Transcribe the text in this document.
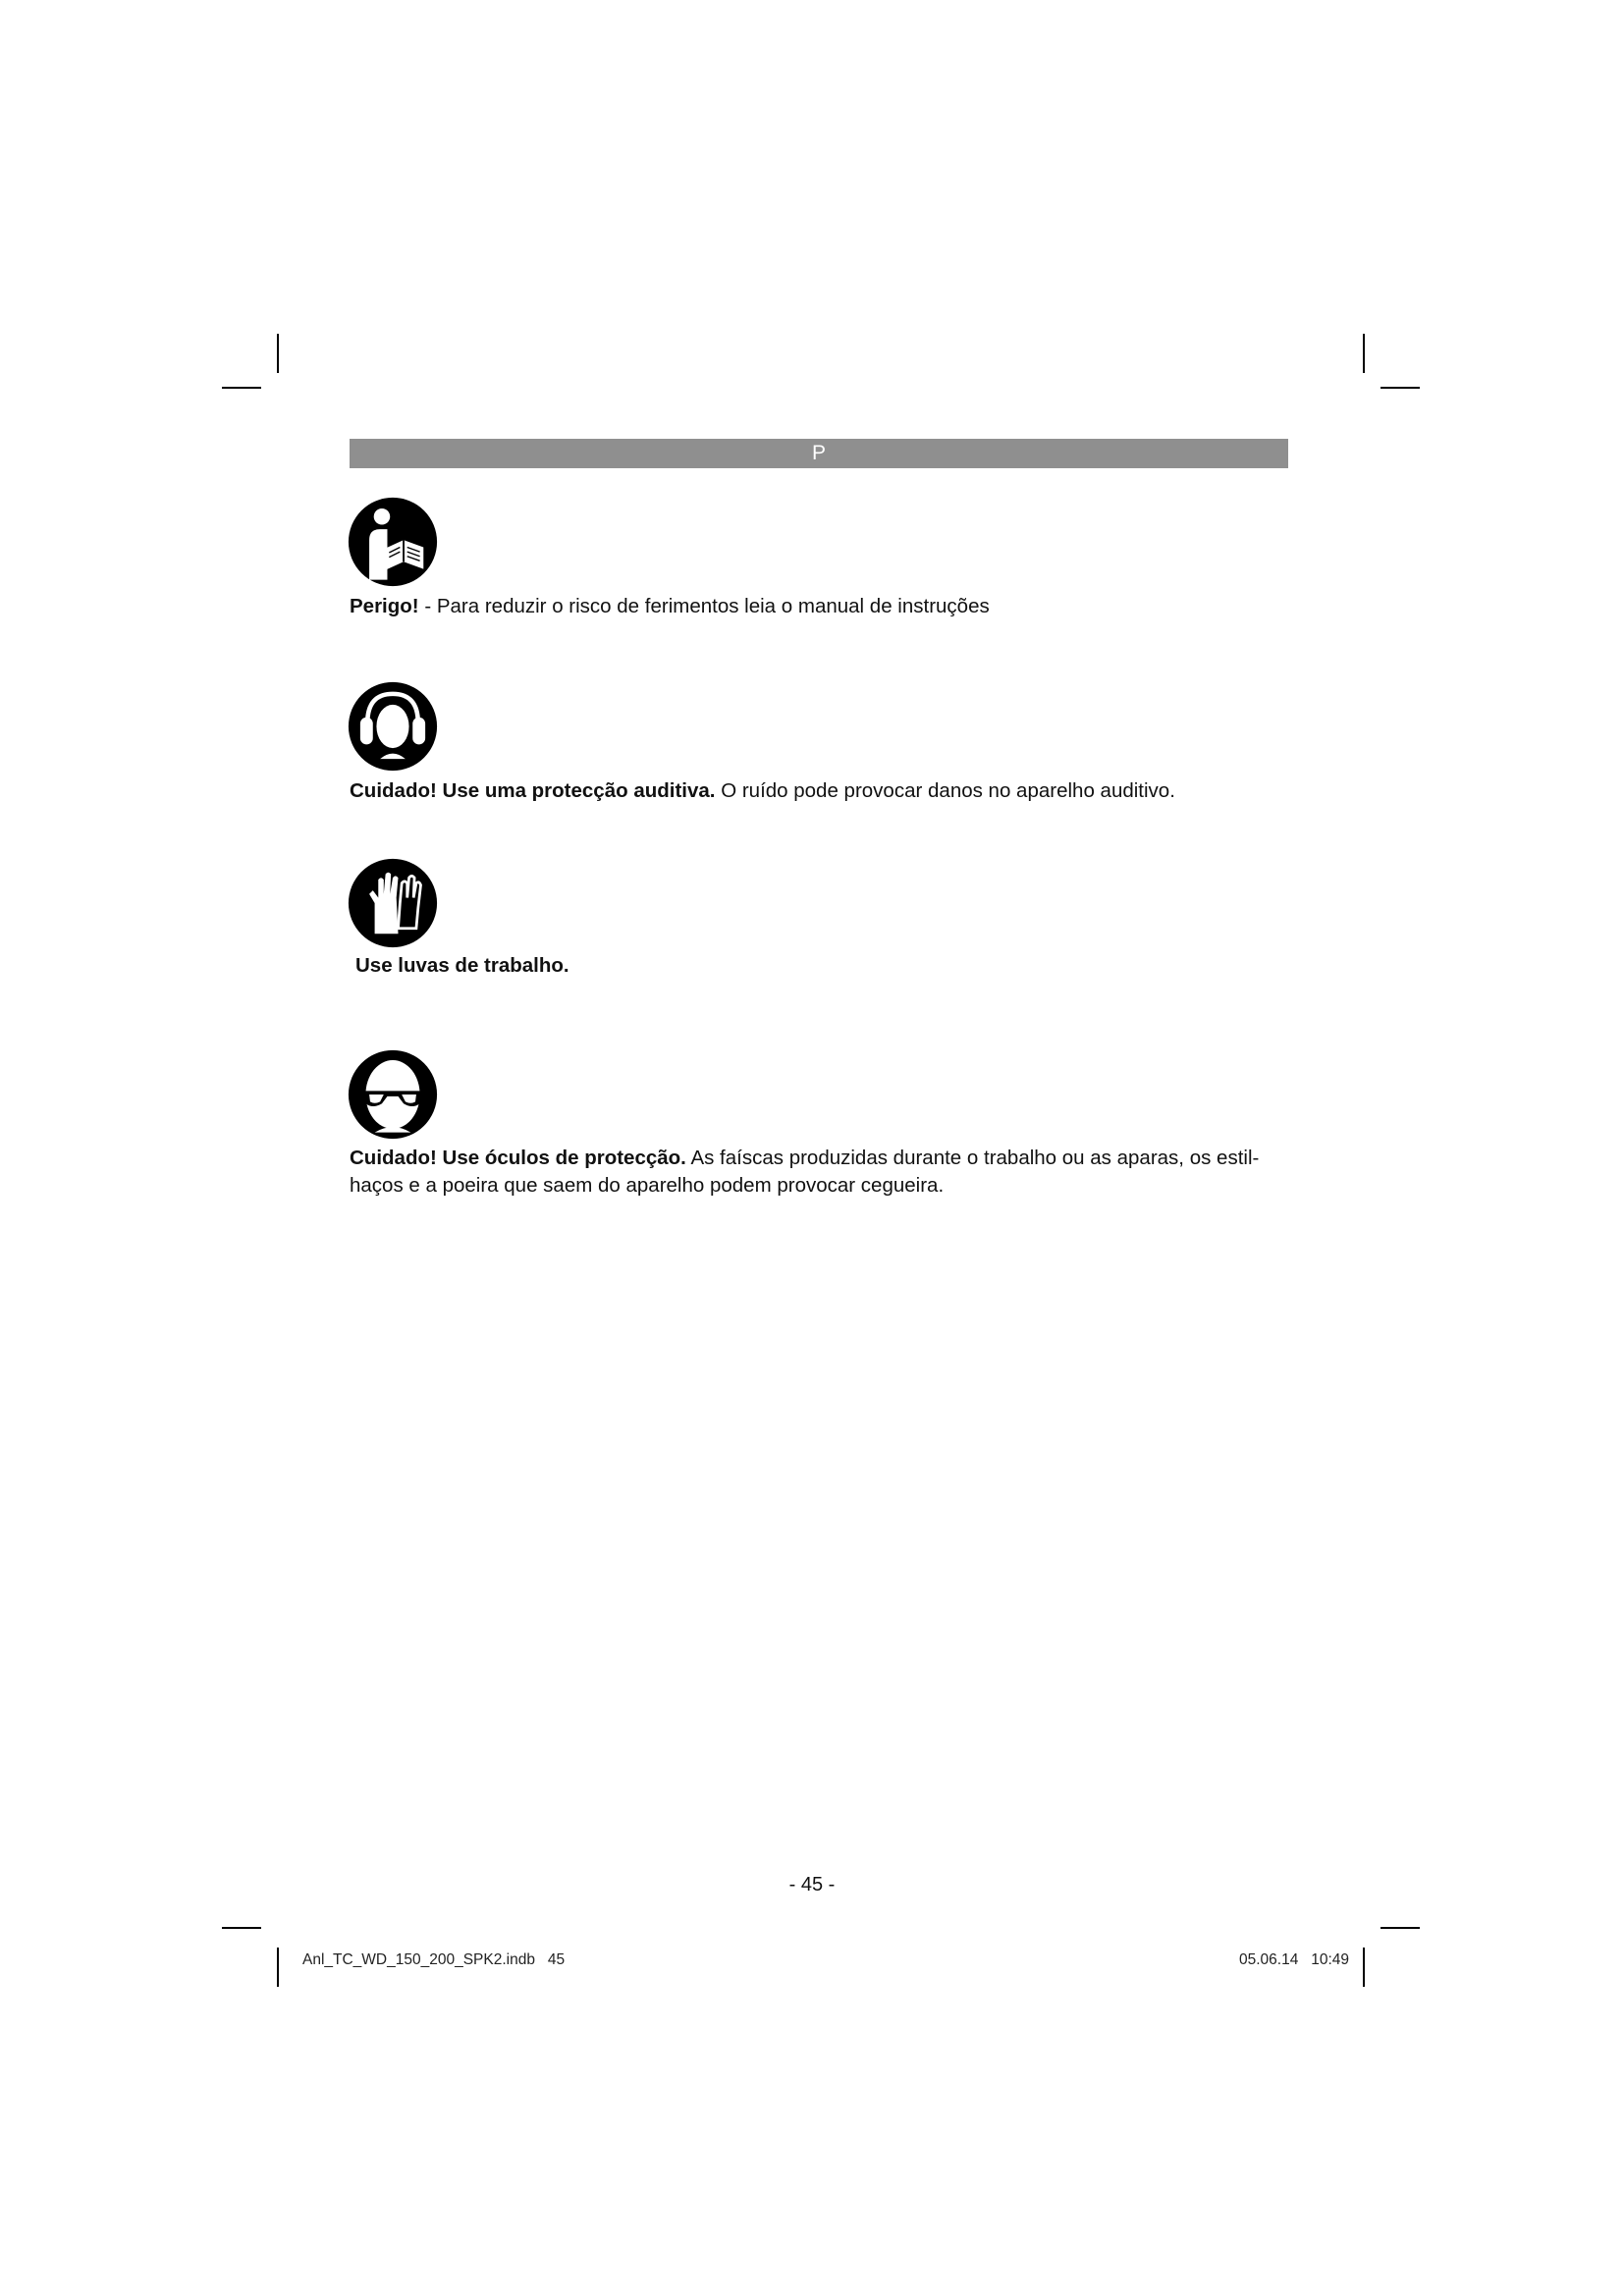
P
Perigo! - Para reduzir o risco de ferimentos leia o manual de instruções
Cuidado! Use uma protecção auditiva. O ruído pode provocar danos no aparelho auditivo.
Use luvas de trabalho.
Cuidado! Use óculos de protecção. As faíscas produzidas durante o trabalho ou as aparas, os estil-
haços e a poeira que saem do aparelho podem provocar cegueira.
- 45 -
Anl_TC_WD_150_200_SPK2.indb   45	05.06.14   10:49
